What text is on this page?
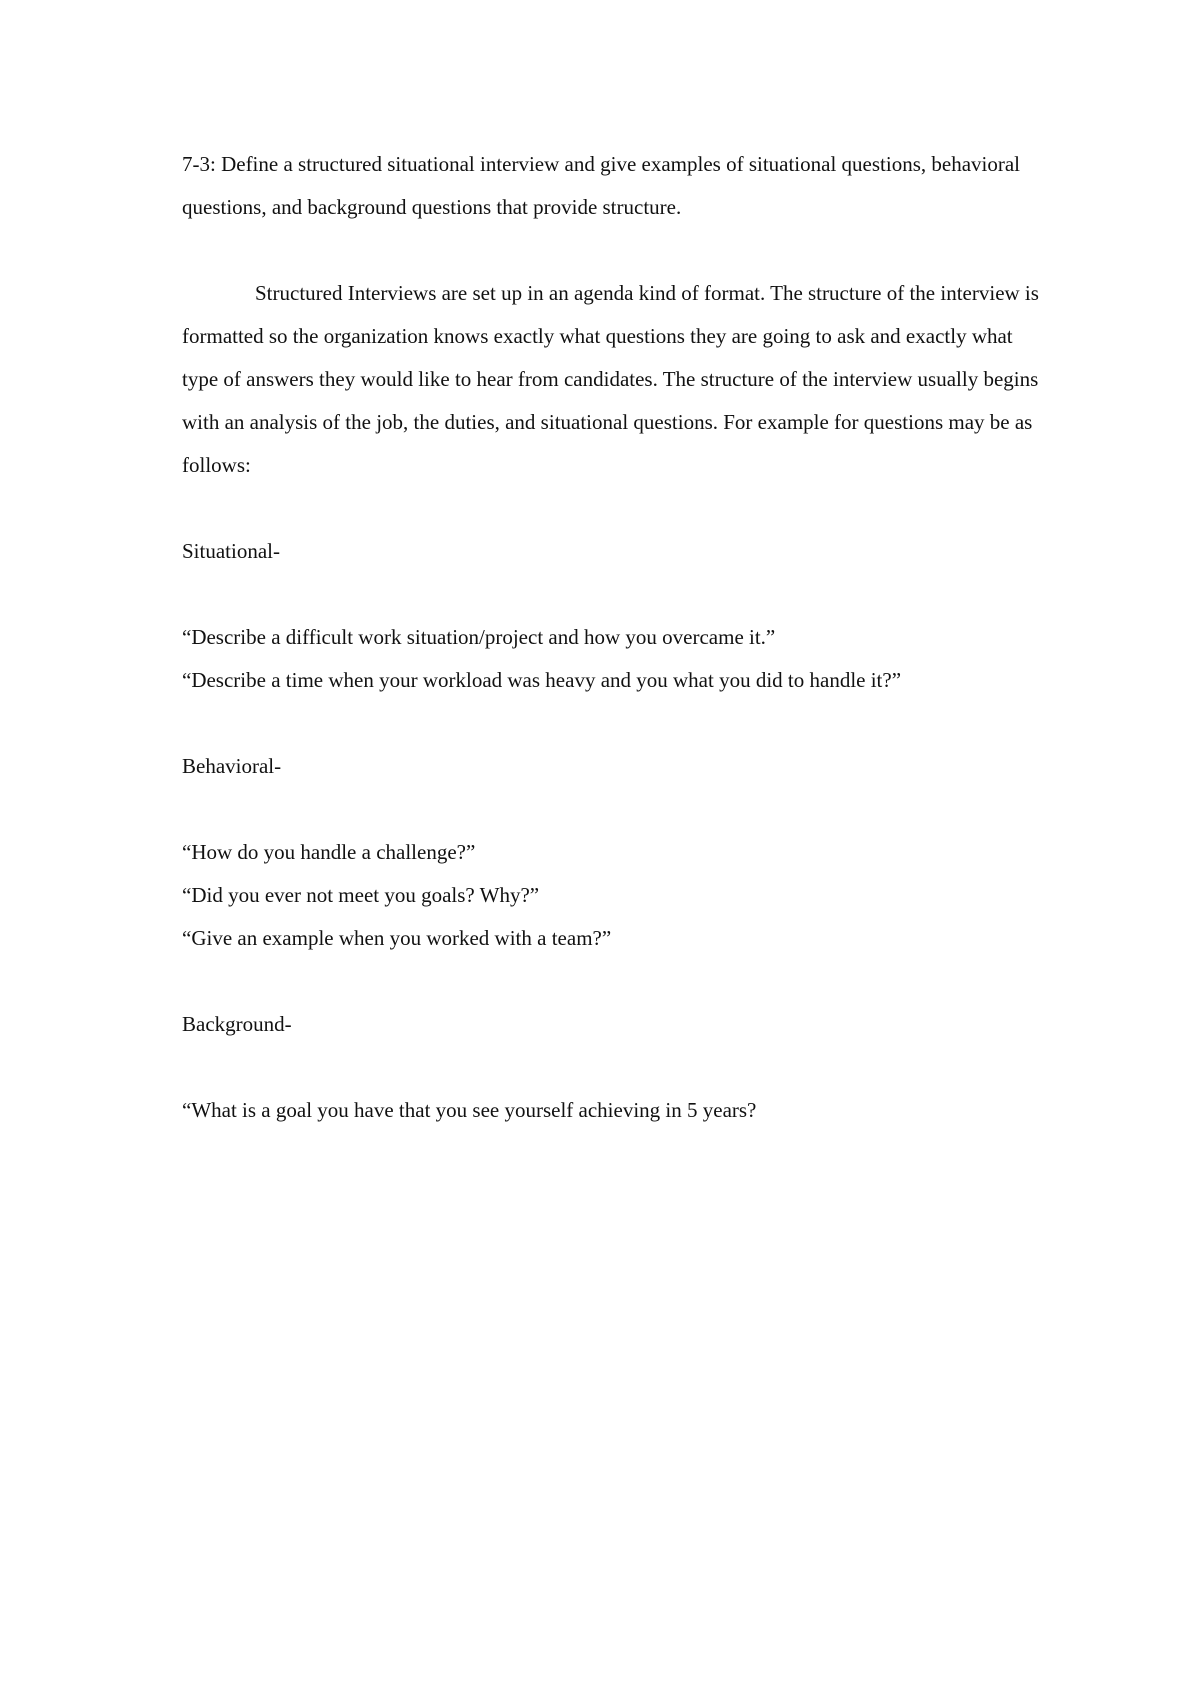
7-3: Define a structured situational interview and give examples of situational questions, behavioral questions, and background questions that provide structure.

Structured Interviews are set up in an agenda kind of format. The structure of the interview is formatted so the organization knows exactly what questions they are going to ask and exactly what type of answers they would like to hear from candidates. The structure of the interview usually begins with an analysis of the job, the duties, and situational questions. For example for questions may be as follows:

Situational-

“Describe a difficult work situation/project and how you overcame it.”
“Describe a time when your workload was heavy and you what you did to handle it?”

Behavioral-

“How do you handle a challenge?”
“Did you ever not meet you goals? Why?”
“Give an example when you worked with a team?”

Background-

“What is a goal you have that you see yourself achieving in 5 years?
